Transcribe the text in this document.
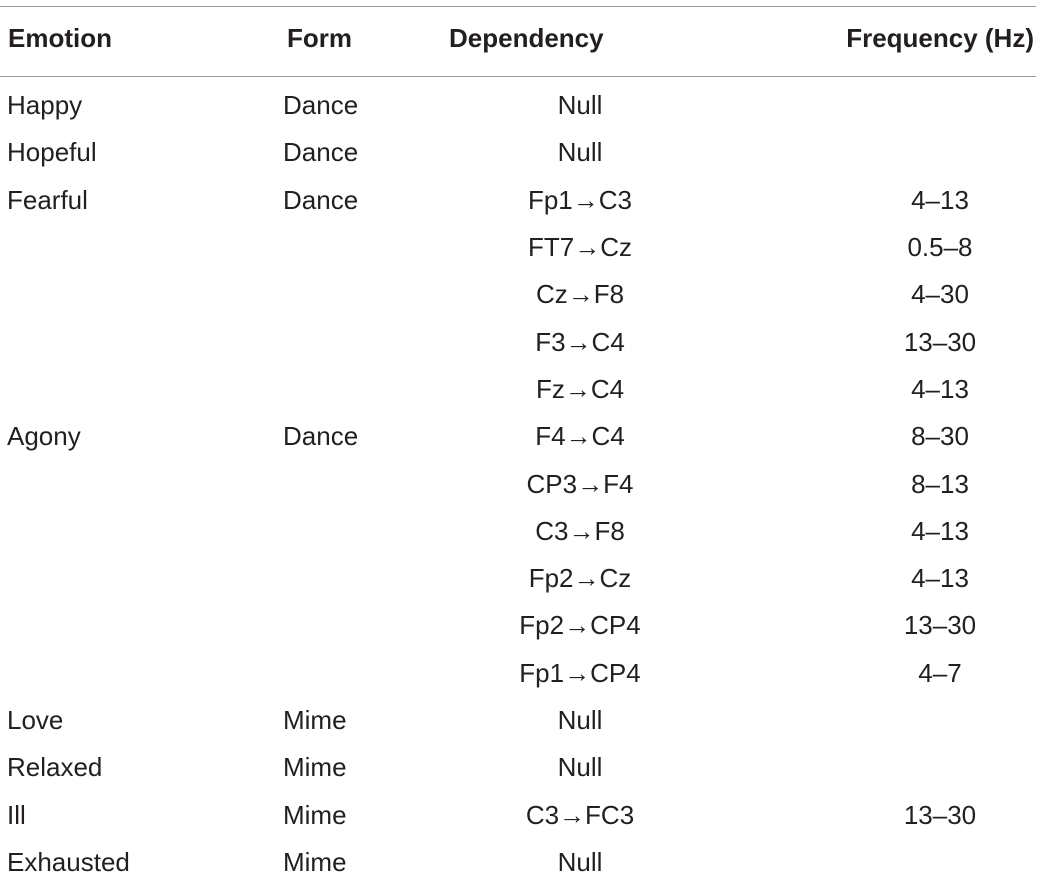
Emotion	Form	Dependency	Frequency (Hz)
Happy	Dance	Null	
Hopeful	Dance	Null	
Fearful	Dance	Fp1→C3	4–13
		FT7→Cz	0.5–8
		Cz→F8	4–30
		F3→C4	13–30
		Fz→C4	4–13
Agony	Dance	F4→C4	8–30
		CP3→F4	8–13
		C3→F8	4–13
		Fp2→Cz	4–13
		Fp2→CP4	13–30
		Fp1→CP4	4–7
Love	Mime	Null	
Relaxed	Mime	Null	
Ill	Mime	C3→FC3	13–30
Exhausted	Mime	Null	
